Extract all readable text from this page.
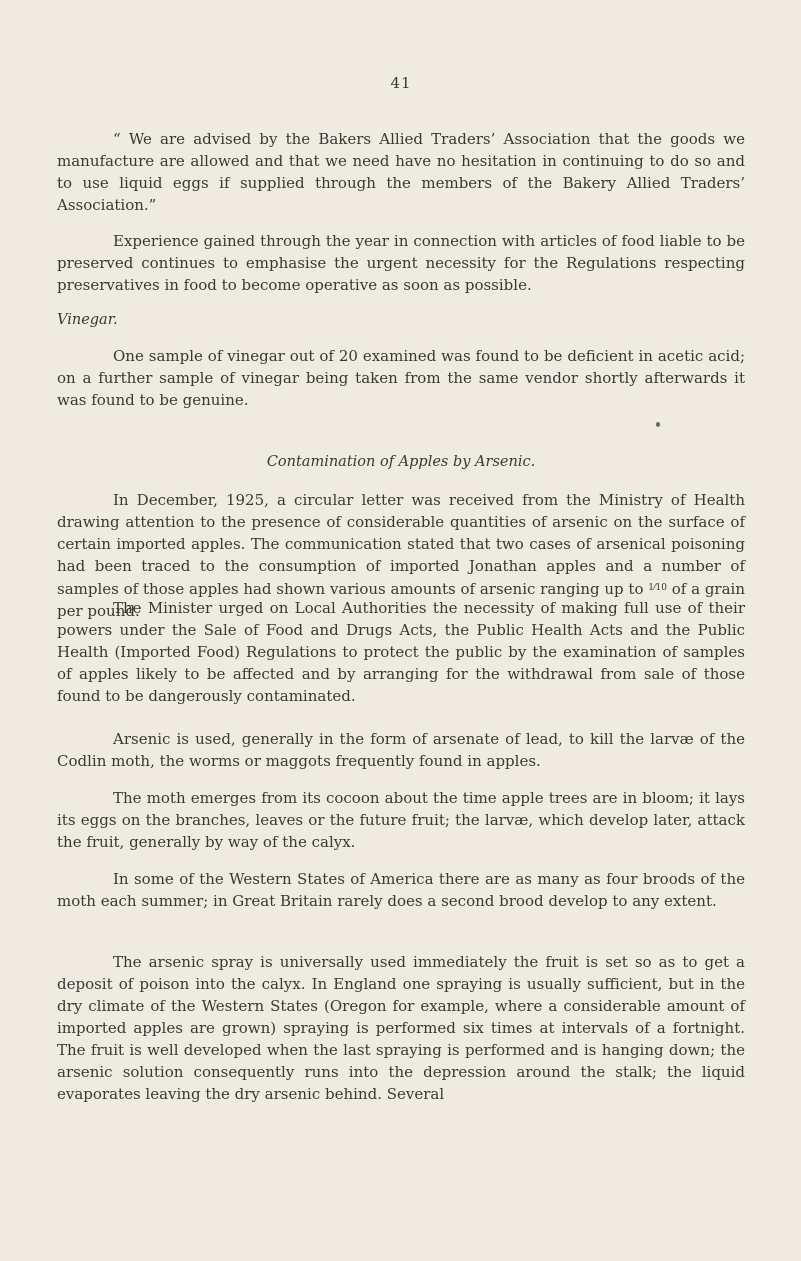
41

“ We are advised by the Bakers Allied Traders’ Association that the goods we manufacture are allowed and that we need have no hesitation in continuing to do so and to use liquid eggs if supplied through the members of the Bakery Allied Traders’ Association.”

Experience gained through the year in connection with articles of food liable to be preserved continues to emphasise the urgent necessity for the Regulations respecting preservatives in food to become operative as soon as possible.

Vinegar.

One sample of vinegar out of 20 examined was found to be deficient in acetic acid; on a further sample of vinegar being taken from the same vendor shortly afterwards it was found to be genuine.

Contamination of Apples by Arsenic.

In December, 1925, a circular letter was received from the Ministry of Health drawing attention to the presence of considerable quantities of arsenic on the surface of certain imported apples. The communication stated that two cases of arsenical poisoning had been traced to the consumption of imported Jonathan apples and a number of samples of those apples had shown various amounts of arsenic ranging up to $^{1⁄10}$ of a grain per pound.

The Minister urged on Local Authorities the necessity of making full use of their powers under the Sale of Food and Drugs Acts, the Public Health Acts and the Public Health (Imported Food) Regulations to protect the public by the examination of samples of apples likely to be affected and by arranging for the withdrawal from sale of those found to be dangerously contaminated.

Arsenic is used, generally in the form of arsenate of lead, to kill the larvæ of the Codlin moth, the worms or maggots frequently found in apples.

The moth emerges from its cocoon about the time apple trees are in bloom; it lays its eggs on the branches, leaves or the future fruit; the larvæ, which develop later, attack the fruit, generally by way of the calyx.

In some of the Western States of America there are as many as four broods of the moth each summer; in Great Britain rarely does a second brood develop to any extent.

The arsenic spray is universally used immediately the fruit is set so as to get a deposit of poison into the calyx. In England one spraying is usually sufficient, but in the dry climate of the Western States (Oregon for example, where a considerable amount of imported apples are grown) spraying is performed six times at intervals of a fortnight. The fruit is well developed when the last spraying is performed and is hanging down; the arsenic solution consequently runs into the depression around the stalk; the liquid evaporates leaving the dry arsenic behind. Several
